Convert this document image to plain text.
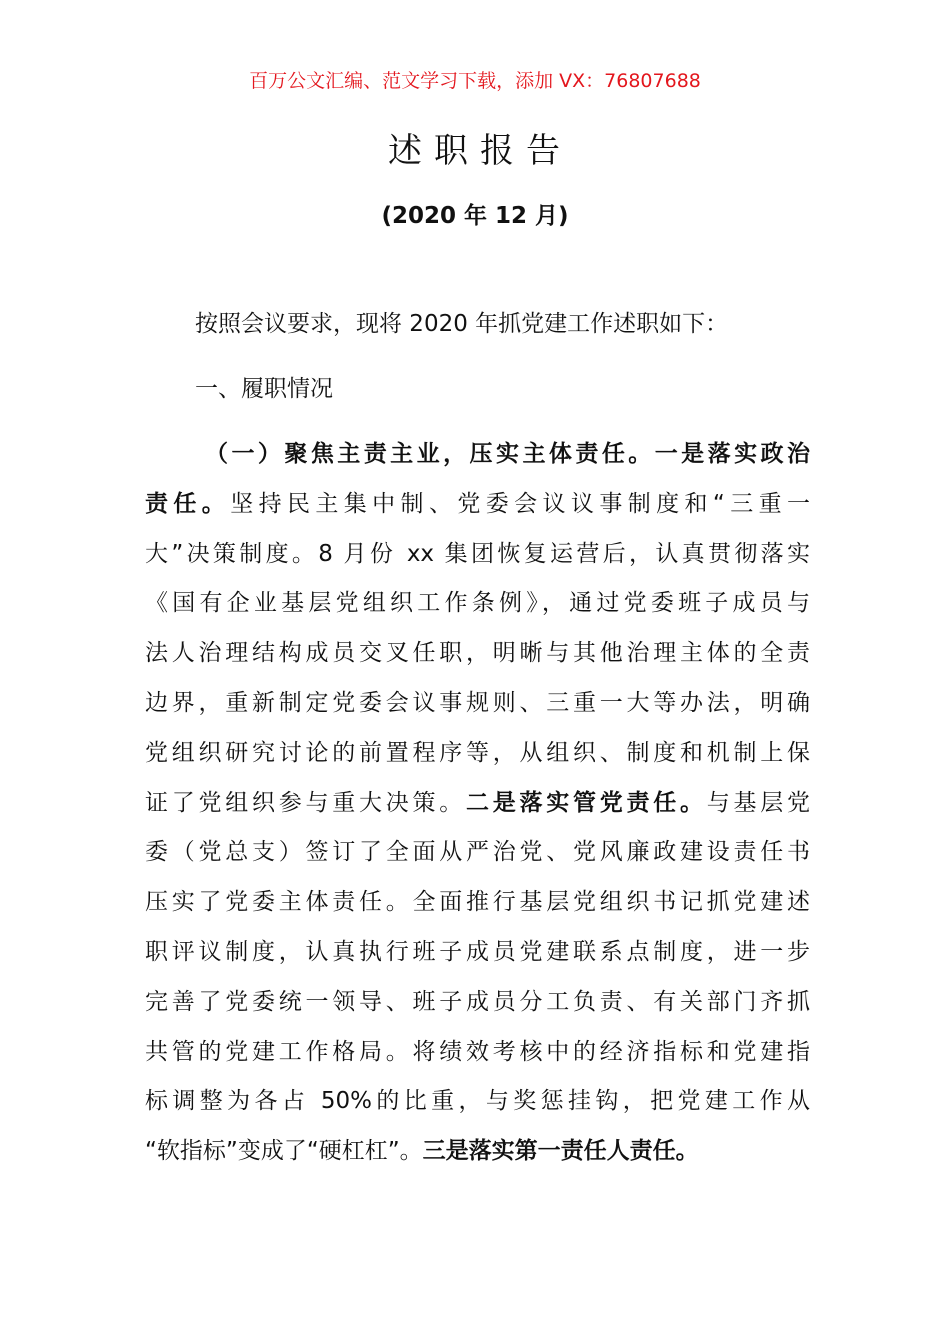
百万公文汇编、范文学习下载，添加 VX：76807688
述职报告
(2020 年 12 月)
按照会议要求，现将 2020 年抓党建工作述职如下：
一、履职情况
（一）聚焦主责主业，压实主体责任。一是落实政治
责任。坚持民主集中制、党委会议议事制度和“三重一
大”决策制度。8 月份 xx 集团恢复运营后，认真贯彻落实
《国有企业基层党组织工作条例》，通过党委班子成员与
法人治理结构成员交叉任职，明晰与其他治理主体的全责
边界，重新制定党委会议事规则、三重一大等办法，明确
党组织研究讨论的前置程序等，从组织、制度和机制上保
证了党组织参与重大决策。二是落实管党责任。与基层党
委（党总支）签订了全面从严治党、党风廉政建设责任书
压实了党委主体责任。全面推行基层党组织书记抓党建述
职评议制度，认真执行班子成员党建联系点制度，进一步
完善了党委统一领导、班子成员分工负责、有关部门齐抓
共管的党建工作格局。将绩效考核中的经济指标和党建指
标调整为各占 50%的比重，与奖惩挂钩，把党建工作从
“软指标”变成了“硬杠杠”。三是落实第一责任人责任。
